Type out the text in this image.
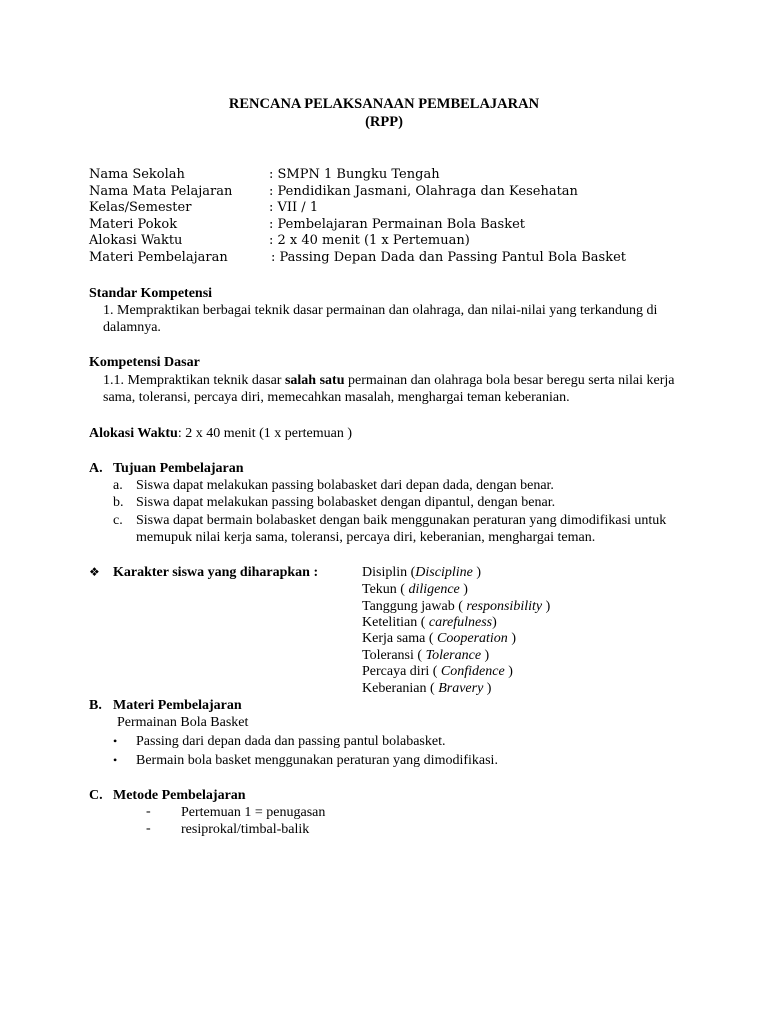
RENCANA PELAKSANAAN PEMBELAJARAN
(RPP)
Nama Sekolah	: SMPN 1 Bungku Tengah
Nama Mata Pelajaran	: Pendidikan Jasmani, Olahraga dan Kesehatan
Kelas/Semester	: VII / 1
Materi Pokok	: Pembelajaran Permainan Bola Basket
Alokasi Waktu	: 2 x 40 menit (1 x Pertemuan)
Materi Pembelajaran	: Passing Depan Dada dan Passing Pantul Bola Basket
Standar Kompetensi
1. Mempraktikan berbagai teknik dasar permainan dan olahraga, dan nilai-nilai yang terkandung di
dalamnya.
Kompetensi Dasar
1.1. Mempraktikan teknik dasar salah satu permainan dan olahraga bola besar beregu serta nilai kerja
sama, toleransi, percaya diri, memecahkan masalah, menghargai teman keberanian.
Alokasi Waktu: 2 x 40 menit (1 x pertemuan )
A. Tujuan Pembelajaran
a. Siswa dapat melakukan passing bolabasket dari depan dada, dengan benar.
b. Siswa dapat melakukan passing bolabasket dengan dipantul, dengan benar.
c. Siswa dapat bermain bolabasket dengan baik menggunakan peraturan yang dimodifikasi untuk
memupuk nilai kerja sama, toleransi, percaya diri, keberanian, menghargai teman.
❖ Karakter siswa yang diharapkan :	Disiplin (Discipline )
Tekun ( diligence )
Tanggung jawab ( responsibility )
Ketelitian ( carefulness)
Kerja sama ( Cooperation )
Toleransi ( Tolerance )
Percaya diri ( Confidence )
Keberanian ( Bravery )
B. Materi Pembelajaran
Permainan Bola Basket
• Passing dari depan dada dan passing pantul bolabasket.
• Bermain bola basket menggunakan peraturan yang dimodifikasi.
C. Metode Pembelajaran
- Pertemuan 1 = penugasan
- resiprokal/timbal-balik
